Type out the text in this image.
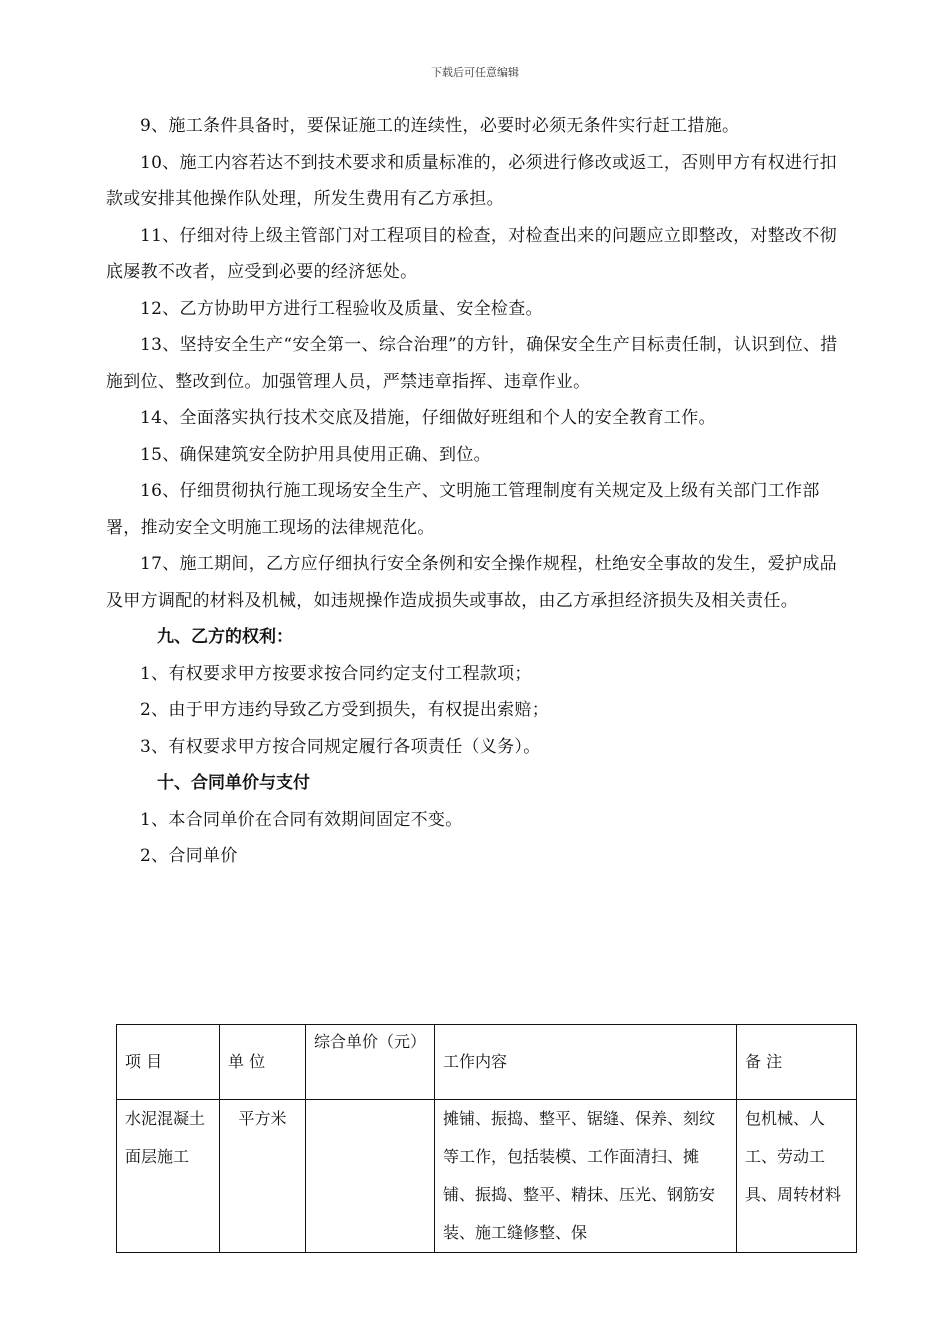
下载后可任意编辑

9、施工条件具备时，要保证施工的连续性，必要时必须无条件实行赶工措施。

10、施工内容若达不到技术要求和质量标准的，必须进行修改或返工，否则甲方有权进行扣款或安排其他操作队处理，所发生费用有乙方承担。

11、仔细对待上级主管部门对工程项目的检查，对检查出来的问题应立即整改，对整改不彻底屡教不改者，应受到必要的经济惩处。

12、乙方协助甲方进行工程验收及质量、安全检查。

13、坚持安全生产“安全第一、综合治理”的方针，确保安全生产目标责任制，认识到位、措施到位、整改到位。加强管理人员，严禁违章指挥、违章作业。

14、全面落实执行技术交底及措施，仔细做好班组和个人的安全教育工作。

15、确保建筑安全防护用具使用正确、到位。

16、仔细贯彻执行施工现场安全生产、文明施工管理制度有关规定及上级有关部门工作部署，推动安全文明施工现场的法律规范化。

17、施工期间，乙方应仔细执行安全条例和安全操作规程，杜绝安全事故的发生，爱护成品及甲方调配的材料及机械，如违规操作造成损失或事故，由乙方承担经济损失及相关责任。

九、乙方的权利：

1、有权要求甲方按要求按合同约定支付工程款项；

2、由于甲方违约导致乙方受到损失，有权提出索赔；

3、有权要求甲方按合同规定履行各项责任（义务）。

十、合同单价与支付

1、本合同单价在合同有效期间固定不变。

2、合同单价

项 目	单 位	综合单价（元）	工作内容	备 注
水泥混凝土面层施工	平方米		摊铺、振捣、整平、锯缝、保养、刻纹等工作，包括装模、工作面清扫、摊铺、振捣、整平、精抹、压光、钢筋安装、施工缝修整、保	包机械、人工、劳动工具、周转材料
